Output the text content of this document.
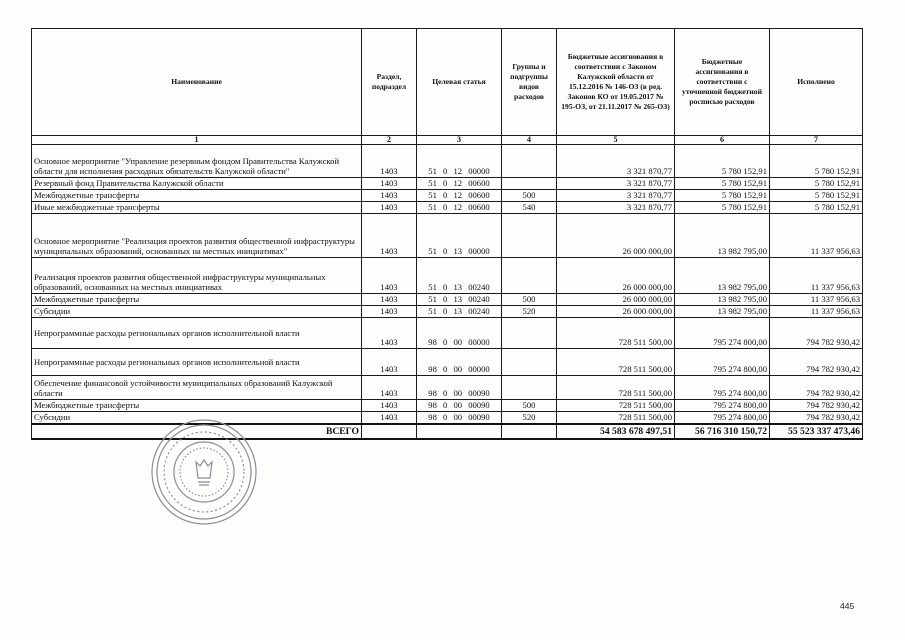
Наименование	Раздел, подраздел	Целевая статья	Группы и подгруппы видов расходов	Бюджетные ассигнования в соответствии с Законом Калужской области от 15.12.2016 № 146-ОЗ (в ред. Законов КО от 19.05.2017 № 195-ОЗ, от 21.11.2017 № 265-ОЗ)	Бюджетные ассигнования в соответствии с уточненной бюджетной росписью расходов	Исполнено
1	2	3	4	5	6	7
Основное мероприятие "Управление резервным фондом Правительства Калужской области для исполнения расходных обязательств Калужской области"	1403	51 0 12 00000		3 321 870,77	5 780 152,91	5 780 152,91
Резервный фонд Правительства Калужской области	1403	51 0 12 00600		3 321 870,77	5 780 152,91	5 780 152,91
Межбюджетные трансферты	1403	51 0 12 00600	500	3 321 870,77	5 780 152,91	5 780 152,91
Иные межбюджетные трансферты	1403	51 0 12 00600	540	3 321 870,77	5 780 152,91	5 780 152,91
Основное мероприятие "Реализация проектов развития общественной инфраструктуры муниципальных образований, основанных на местных инициативах"	1403	51 0 13 00000		26 000 000,00	13 982 795,00	11 337 956,63
Реализация проектов развития общественной инфраструктуры муниципальных образований, основанных на местных инициативах	1403	51 0 13 00240		26 000 000,00	13 982 795,00	11 337 956,63
Межбюджетные трансферты	1403	51 0 13 00240	500	26 000 000,00	13 982 795,00	11 337 956,63
Субсидии	1403	51 0 13 00240	520	26 000 000,00	13 982 795,00	11 337 956,63
Непрограммные расходы региональных органов исполнительной власти	1403	98 0 00 00000		728 511 500,00	795 274 800,00	794 782 930,42
Непрограммные расходы региональных органов исполнительной власти	1403	98 0 00 00000		728 511 500,00	795 274 800,00	794 782 930,42
Обеспечение финансовой устойчивости муниципальных образований Калужской области	1403	98 0 00 00090		728 511 500,00	795 274 800,00	794 782 930,42
Межбюджетные трансферты	1403	98 0 00 00090	500	728 511 500,00	795 274 800,00	794 782 930,42
Субсидии	1403	98 0 00 00090	520	728 511 500,00	795 274 800,00	794 782 930,42
ВСЕГО				54 583 678 497,51	56 716 310 150,72	55 523 337 473,46
445
